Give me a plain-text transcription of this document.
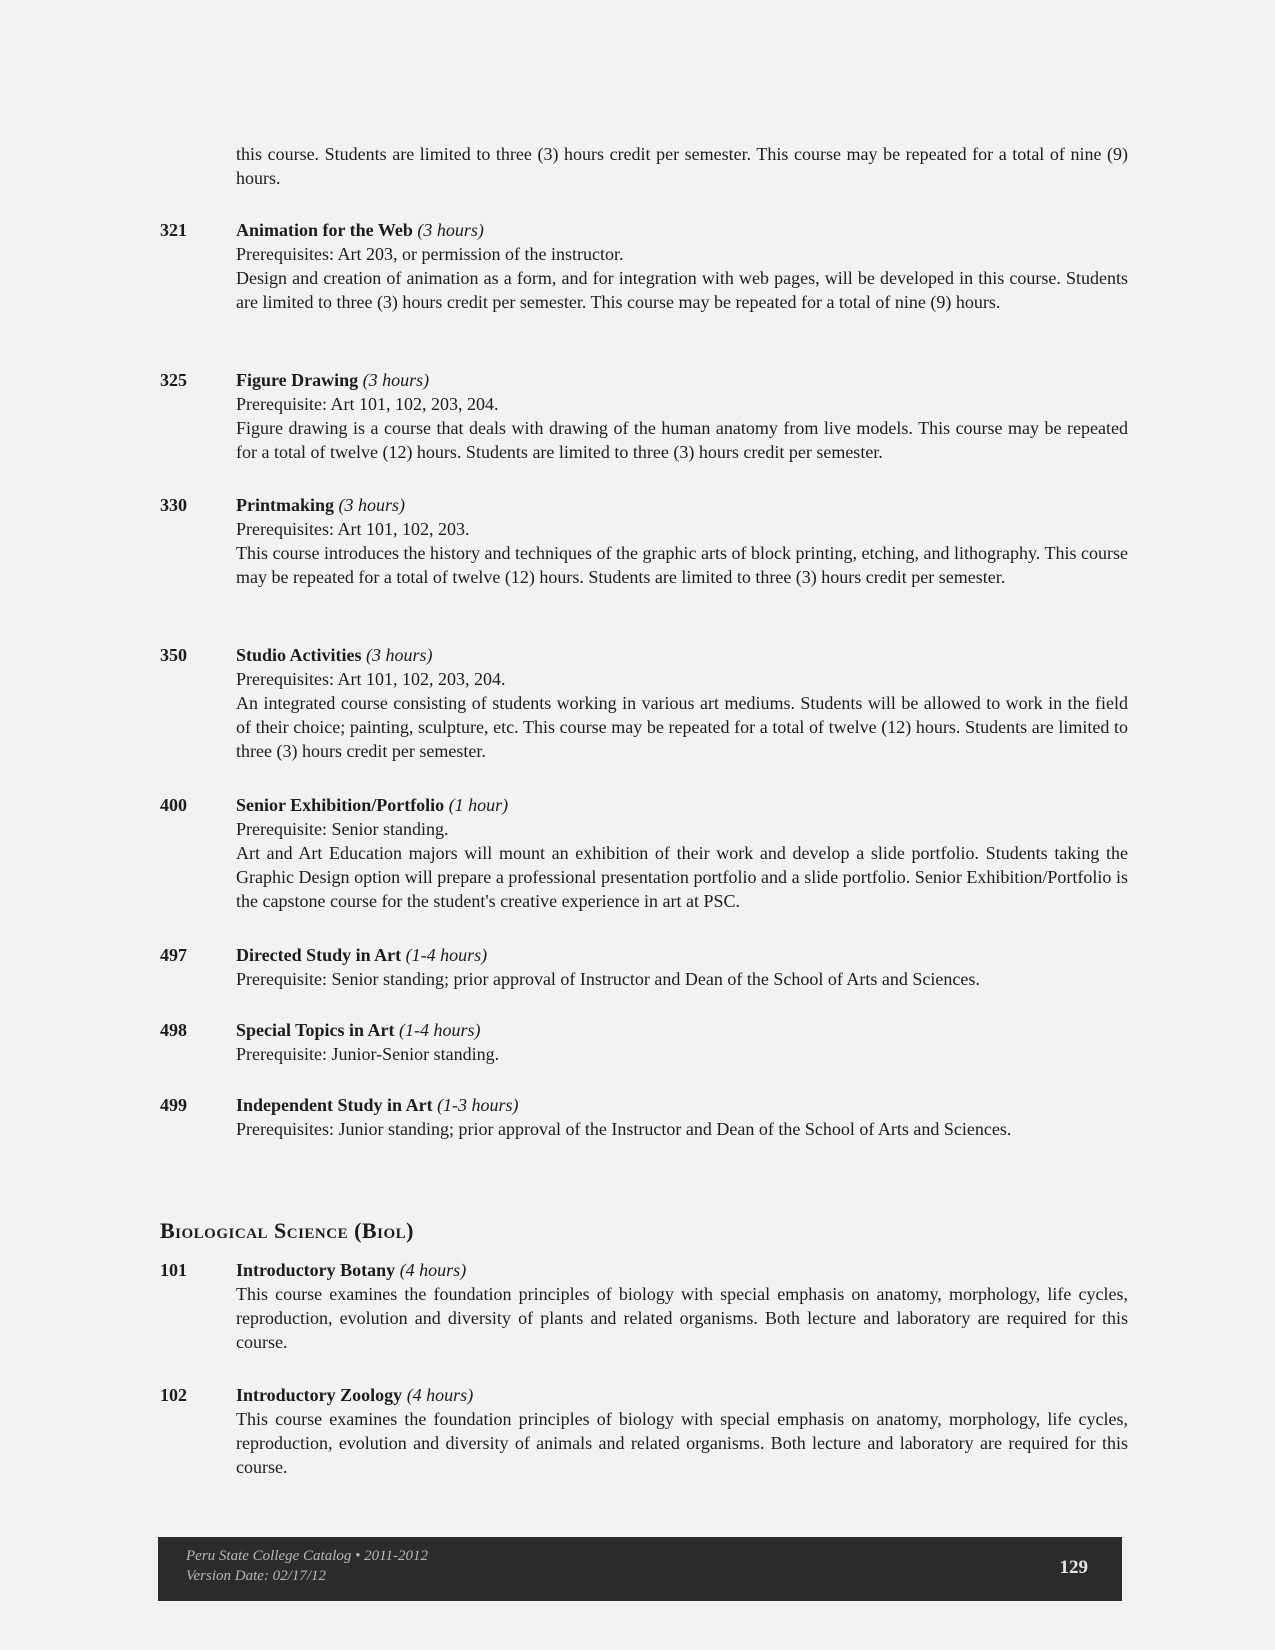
this course. Students are limited to three (3) hours credit per semester. This course may be repeated for a total of nine (9) hours.

321	Animation for the Web (3 hours)

Prerequisites: Art 203, or permission of the instructor.

Design and creation of animation as a form, and for integration with web pages, will be developed in this course. Students are limited to three (3) hours credit per semester. This course may be repeated for a total of nine (9) hours.

325	Figure Drawing (3 hours)

Prerequisite: Art 101, 102, 203, 204.

Figure drawing is a course that deals with drawing of the human anatomy from live models. This course may be repeated for a total of twelve (12) hours. Students are limited to three (3) hours credit per semester.

330	Printmaking (3 hours)

Prerequisites: Art 101, 102, 203.

This course introduces the history and techniques of the graphic arts of block printing, etching, and lithography. This course may be repeated for a total of twelve (12) hours. Students are limited to three (3) hours credit per semester.

350	Studio Activities (3 hours)

Prerequisites: Art 101, 102, 203, 204.

An integrated course consisting of students working in various art mediums. Students will be allowed to work in the field of their choice; painting, sculpture, etc. This course may be repeated for a total of twelve (12) hours. Students are limited to three (3) hours credit per semester.

400	Senior Exhibition/Portfolio (1 hour)

Prerequisite: Senior standing.

Art and Art Education majors will mount an exhibition of their work and develop a slide portfolio. Students taking the Graphic Design option will prepare a professional presentation portfolio and a slide portfolio. Senior Exhibition/Portfolio is the capstone course for the student's creative experience in art at PSC.

497	Directed Study in Art (1-4 hours)

Prerequisite: Senior standing; prior approval of Instructor and Dean of the School of Arts and Sciences.

498	Special Topics in Art (1-4 hours)

Prerequisite: Junior-Senior standing.

499	Independent Study in Art (1-3 hours)

Prerequisites: Junior standing; prior approval of the Instructor and Dean of the School of Arts and Sciences.

Biological Science (Biol)
101	Introductory Botany (4 hours)

This course examines the foundation principles of biology with special emphasis on anatomy, morphology, life cycles, reproduction, evolution and diversity of plants and related organisms. Both lecture and laboratory are required for this course.

102	Introductory Zoology (4 hours)

This course examines the foundation principles of biology with special emphasis on anatomy, morphology, life cycles, reproduction, evolution and diversity of animals and related organisms. Both lecture and laboratory are required for this course.

Peru State College Catalog • 2011-2012
Version Date: 02/17/12	129
